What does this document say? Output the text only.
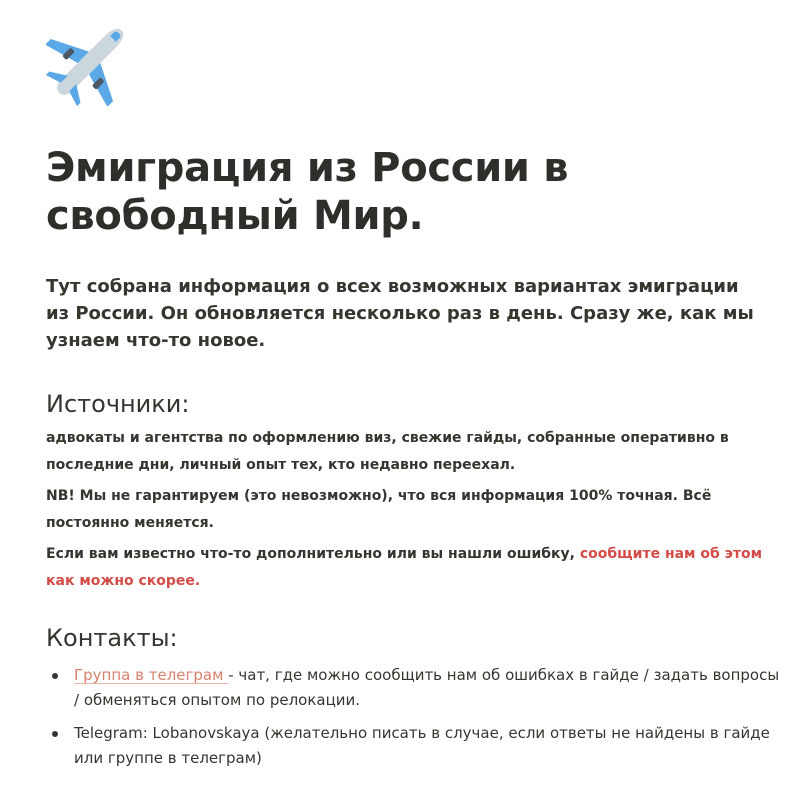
Эмиграция из России в свободный Мир.
Тут собрана информация о всех возможных вариантах эмиграции из России. Он обновляется несколько раз в день. Сразу же, как мы узнаем что-то новое.
Источники:
адвокаты и агентства по оформлению виз, свежие гайды, собранные оперативно в последние дни, личный опыт тех, кто недавно переехал.
NB! Мы не гарантируем (это невозможно), что вся информация 100% точная. Всё постоянно меняется.
Если вам известно что-то дополнительно или вы нашли ошибку, сообщите нам об этом как можно скорее.
Контакты:
Группа в телеграм - чат, где можно сообщить нам об ошибках в гайде / задать вопросы / обменяться опытом по релокации.
Telegram: Lobanovskaya (желательно писать в случае, если ответы не найдены в гайде или группе в телеграм)
